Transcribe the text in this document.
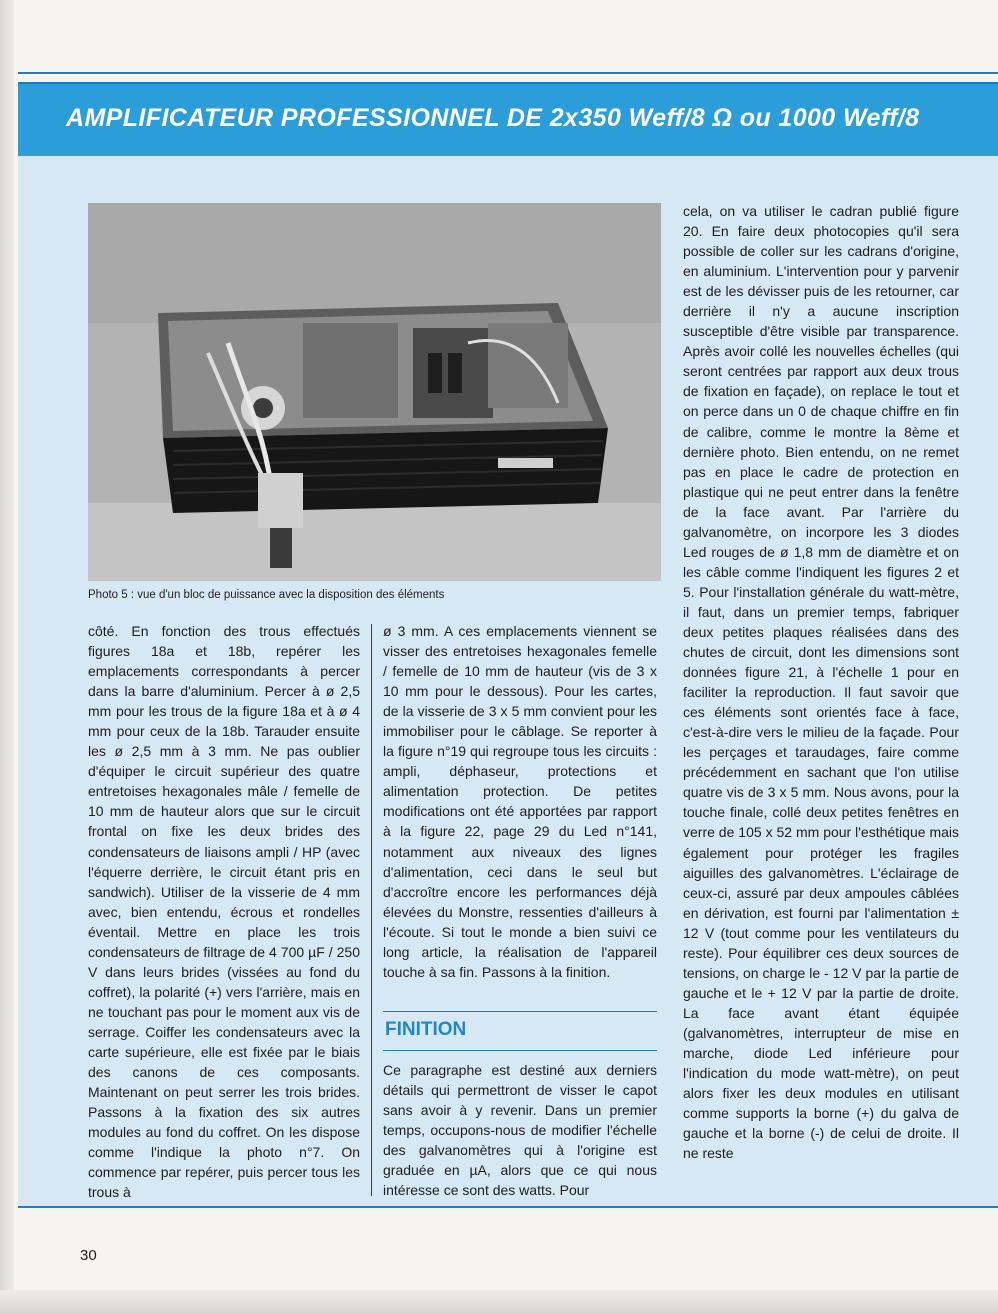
AMPLIFICATEUR PROFESSIONNEL DE 2x350 Weff/8 Ω ou 1000 Weff/8
Photo 5 : vue d'un bloc de puissance avec la disposition des éléments

côté. En fonction des trous effectués figures 18a et 18b, repérer les emplacements correspondants à percer dans la barre d'aluminium. Percer à ø 2,5 mm pour les trous de la figure 18a et à ø 4 mm pour ceux de la 18b. Tarauder ensuite les ø 2,5 mm à 3 mm. Ne pas oublier d'équiper le circuit supérieur des quatre entretoises hexagonales mâle / femelle de 10 mm de hauteur alors que sur le circuit frontal on fixe les deux brides des condensateurs de liaisons ampli / HP (avec l'équerre derrière, le circuit étant pris en sandwich). Utiliser de la visserie de 4 mm avec, bien entendu, écrous et rondelles éventail. Mettre en place les trois condensateurs de filtrage de 4 700 µF / 250 V dans leurs brides (vissées au fond du coffret), la polarité (+) vers l'arrière, mais en ne touchant pas pour le moment aux vis de serrage. Coiffer les condensateurs avec la carte supérieure, elle est fixée par le biais des canons de ces composants. Maintenant on peut serrer les trois brides. Passons à la fixation des six autres modules au fond du coffret. On les dispose comme l'indique la photo n°7. On commence par repérer, puis percer tous les trous à

ø 3 mm. A ces emplacements viennent se visser des entretoises hexagonales femelle / femelle de 10 mm de hauteur (vis de 3 x 10 mm pour le dessous). Pour les cartes, de la visserie de 3 x 5 mm convient pour les immobiliser pour le câblage. Se reporter à la figure n°19 qui regroupe tous les circuits : ampli, déphaseur, protections et alimentation protection. De petites modifications ont été apportées par rapport à la figure 22, page 29 du Led n°141, notamment aux niveaux des lignes d'alimentation, ceci dans le seul but d'accroître encore les performances déjà élevées du Monstre, ressenties d'ailleurs à l'écoute. Si tout le monde a bien suivi ce long article, la réalisation de l'appareil touche à sa fin. Passons à la finition.

FINITION

Ce paragraphe est destiné aux derniers détails qui permettront de visser le capot sans avoir à y revenir. Dans un premier temps, occupons-nous de modifier l'échelle des galvanomètres qui à l'origine est graduée en µA, alors que ce qui nous intéresse ce sont des watts. Pour

cela, on va utiliser le cadran publié figure 20. En faire deux photocopies qu'il sera possible de coller sur les cadrans d'origine, en aluminium. L'intervention pour y parvenir est de les dévisser puis de les retourner, car derrière il n'y a aucune inscription susceptible d'être visible par transparence. Après avoir collé les nouvelles échelles (qui seront centrées par rapport aux deux trous de fixation en façade), on replace le tout et on perce dans un 0 de chaque chiffre en fin de calibre, comme le montre la 8ème et dernière photo. Bien entendu, on ne remet pas en place le cadre de protection en plastique qui ne peut entrer dans la fenêtre de la face avant. Par l'arrière du galvanomètre, on incorpore les 3 diodes Led rouges de ø 1,8 mm de diamètre et on les câble comme l'indiquent les figures 2 et 5. Pour l'installation générale du watt-mètre, il faut, dans un premier temps, fabriquer deux petites plaques réalisées dans des chutes de circuit, dont les dimensions sont données figure 21, à l'échelle 1 pour en faciliter la reproduction. Il faut savoir que ces éléments sont orientés face à face, c'est-à-dire vers le milieu de la façade. Pour les perçages et taraudages, faire comme précédemment en sachant que l'on utilise quatre vis de 3 x 5 mm. Nous avons, pour la touche finale, collé deux petites fenêtres en verre de 105 x 52 mm pour l'esthétique mais également pour protéger les fragiles aiguilles des galvanomètres. L'éclairage de ceux-ci, assuré par deux ampoules câblées en dérivation, est fourni par l'alimentation ± 12 V (tout comme pour les ventilateurs du reste). Pour équilibrer ces deux sources de tensions, on charge le - 12 V par la partie de gauche et le + 12 V par la partie de droite. La face avant étant équipée (galvanomètres, interrupteur de mise en marche, diode Led inférieure pour l'indication du mode watt-mètre), on peut alors fixer les deux modules en utilisant comme supports la borne (+) du galva de gauche et la borne (-) de celui de droite. Il ne reste

30
